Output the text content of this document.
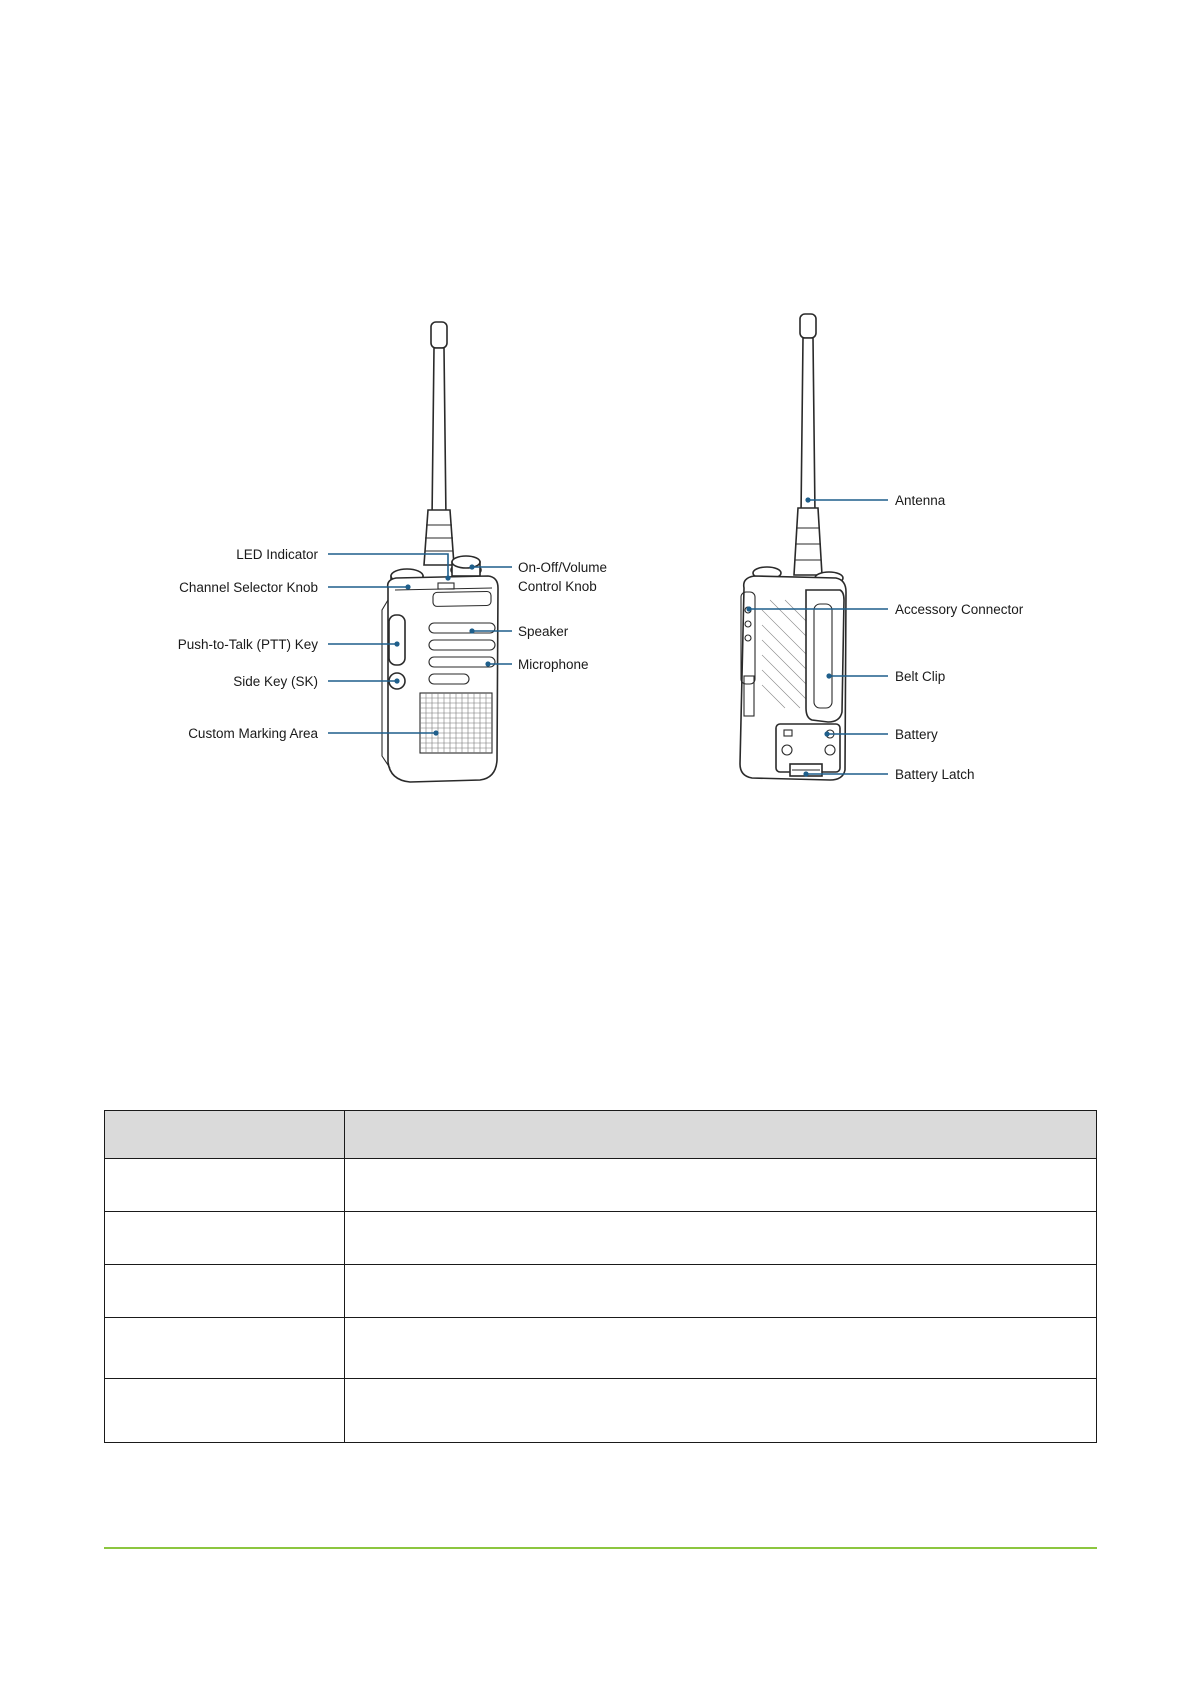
LED Indicator
Channel Selector Knob
Push-to-Talk (PTT) Key
Side Key (SK)
Custom Marking Area
On-Off/Volume
Control Knob
Speaker
Microphone
Antenna
Accessory Connector
Belt Clip
Battery
Battery Latch
